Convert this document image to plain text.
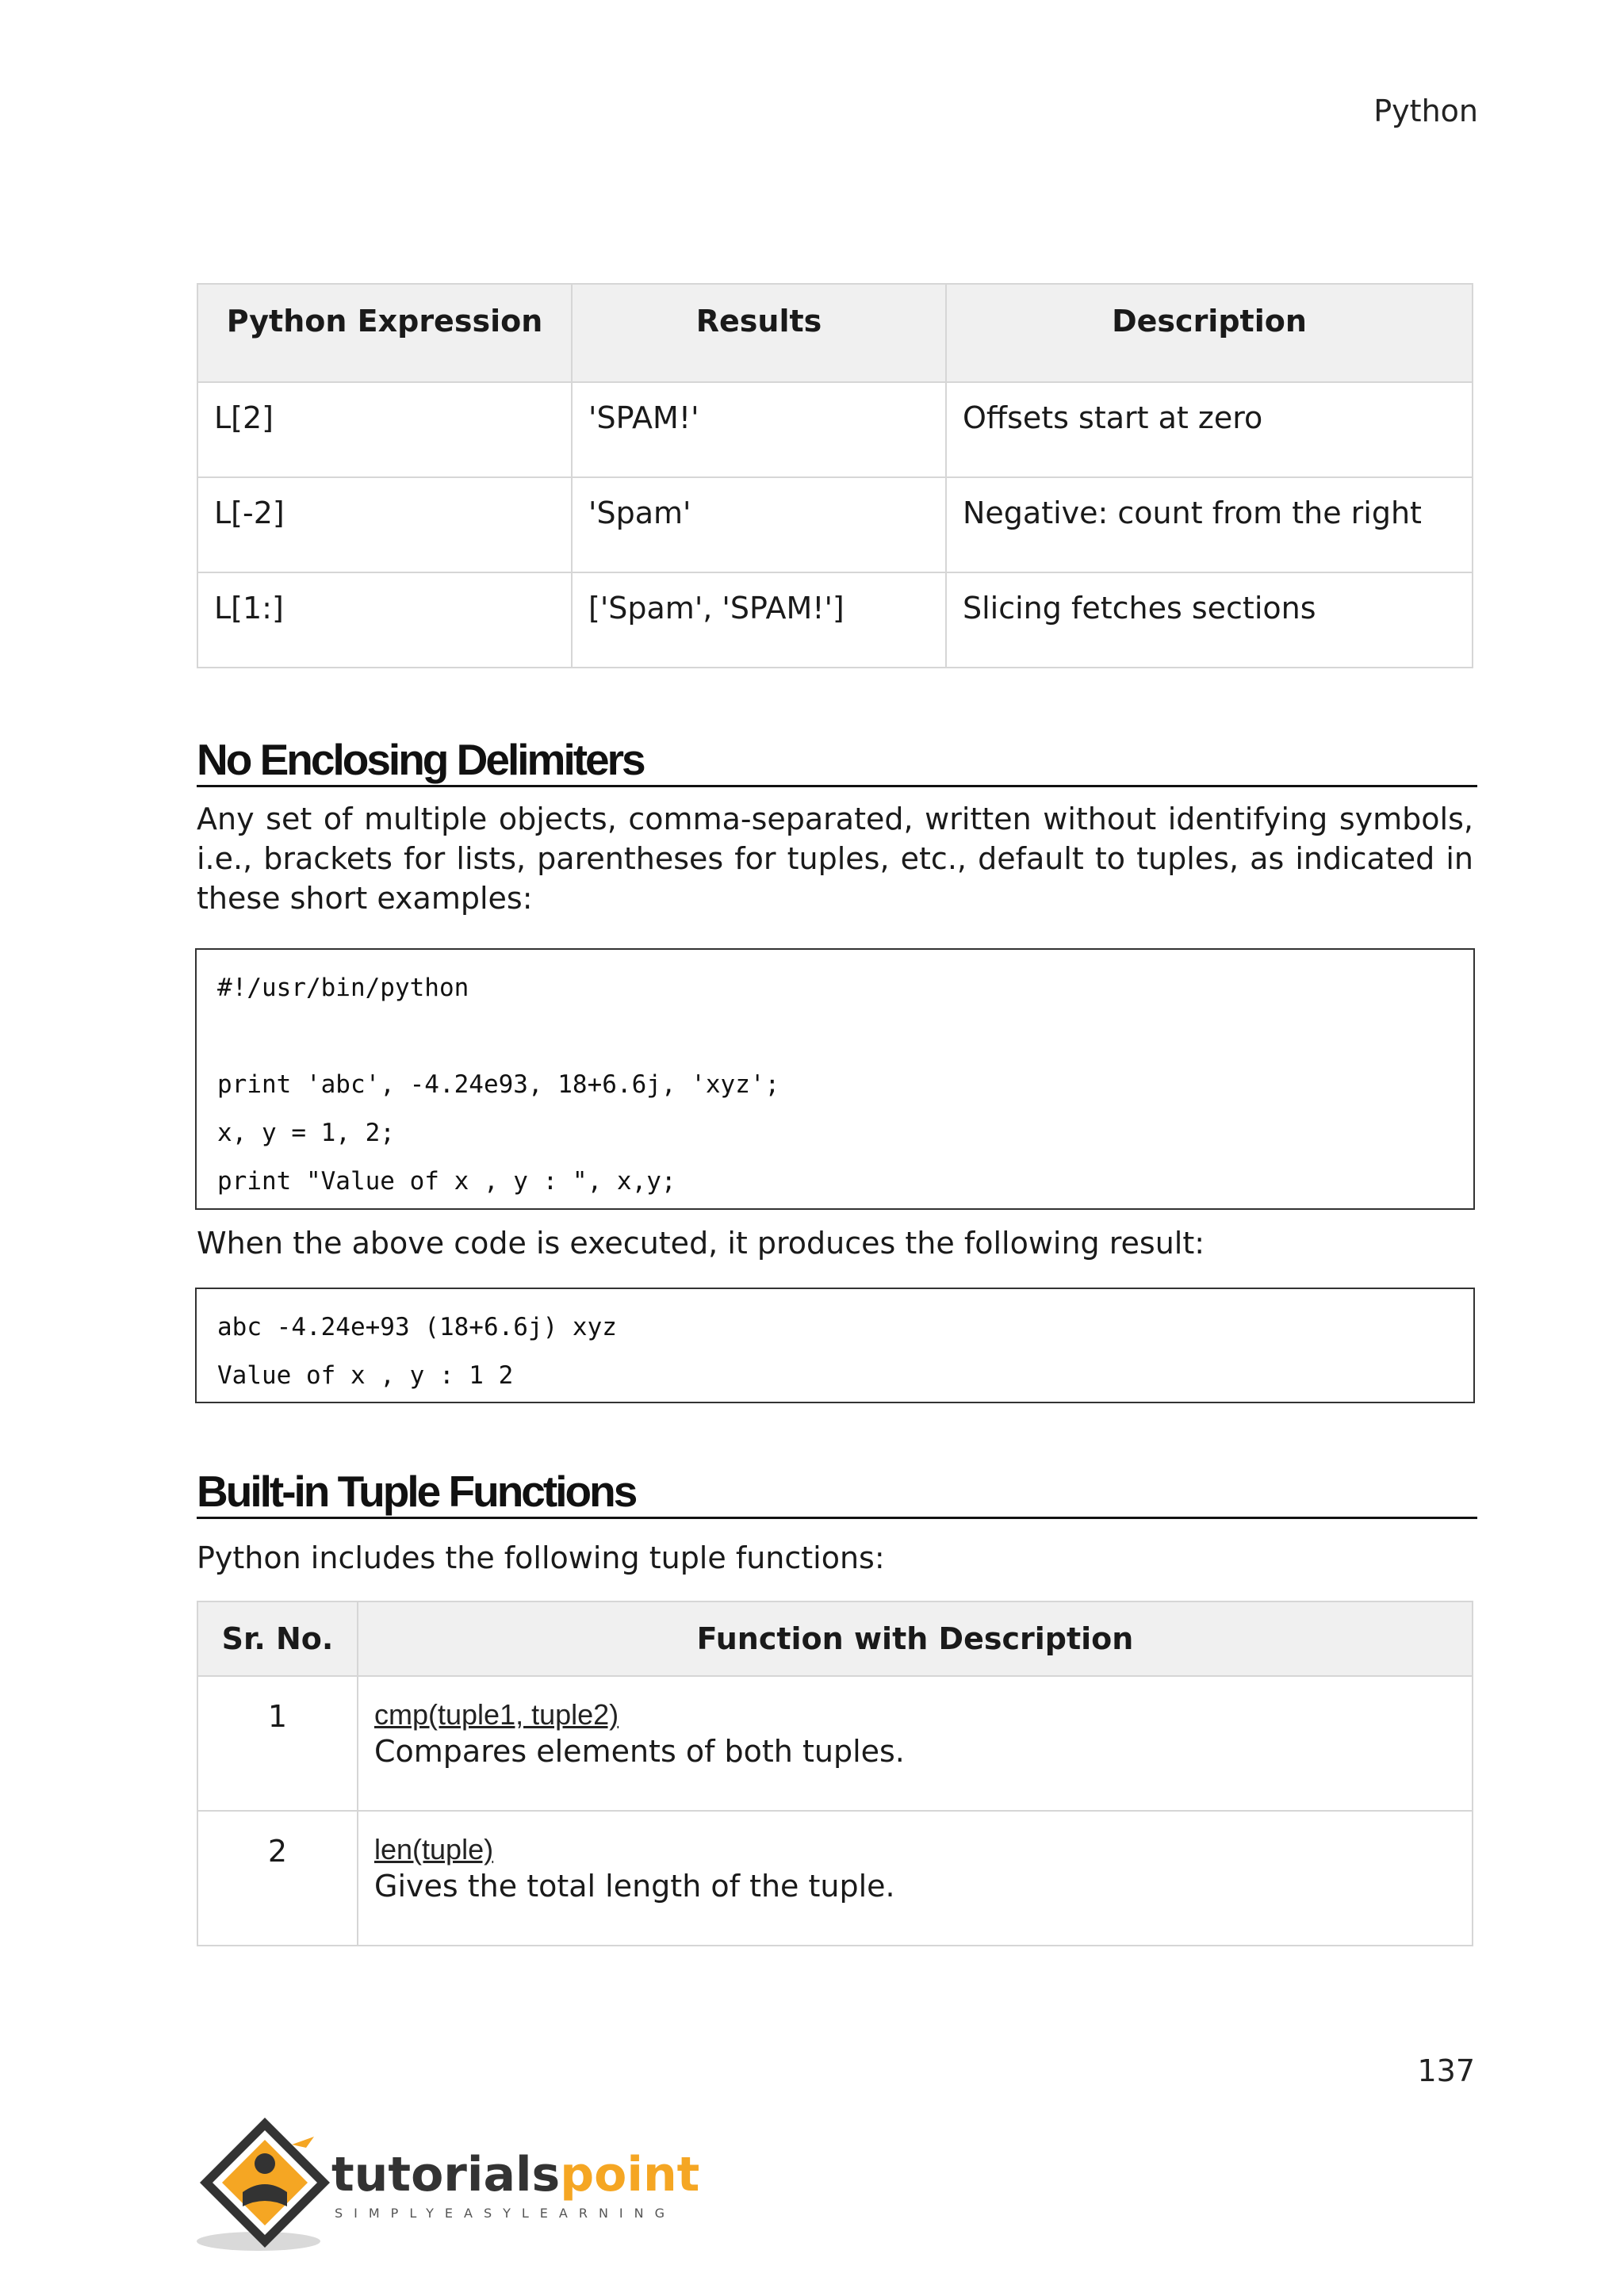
Python
Python Expression	Results	Description
L[2]	'SPAM!'	Offsets start at zero
L[-2]	'Spam'	Negative: count from the right
L[1:]	['Spam', 'SPAM!']	Slicing fetches sections
No Enclosing Delimiters
Any set of multiple objects, comma-separated, written without identifying symbols, i.e., brackets for lists, parentheses for tuples, etc., default to tuples, as indicated in these short examples:
#!/usr/bin/python
print 'abc', -4.24e93, 18+6.6j, 'xyz';
x, y = 1, 2;
print "Value of x , y : ", x,y;
When the above code is executed, it produces the following result:
abc -4.24e+93 (18+6.6j) xyz
Value of x , y : 1 2
Built-in Tuple Functions
Python includes the following tuple functions:
Sr. No.	Function with Description
1	cmp(tuple1, tuple2)
Compares elements of both tuples.

2	len(tuple)
Gives the total length of the tuple.
137
tutorialspoint
SIMPLYEASYLEARNING
